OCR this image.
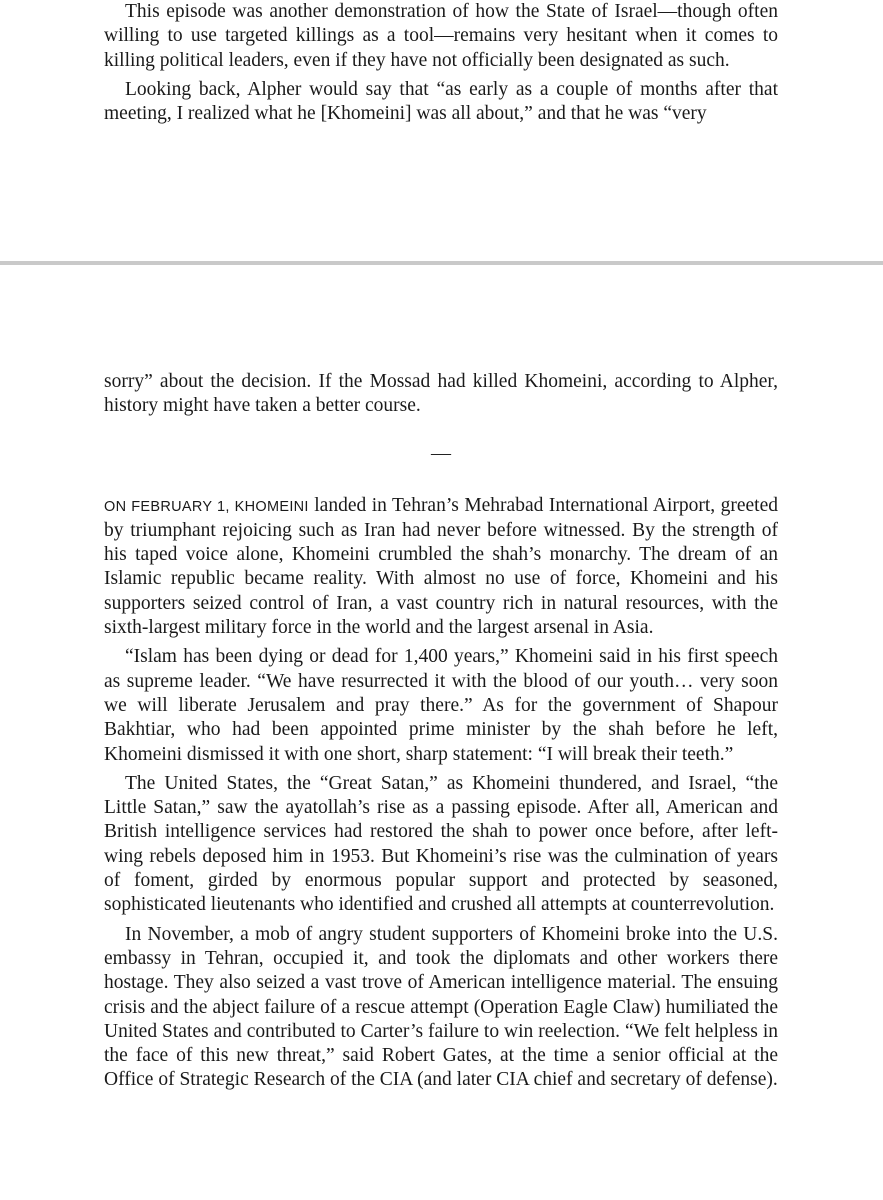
This episode was another demonstration of how the State of Israel—though often willing to use targeted killings as a tool—remains very hesitant when it comes to killing political leaders, even if they have not officially been designated as such.

Looking back, Alpher would say that “as early as a couple of months after that meeting, I realized what he [Khomeini] was all about,” and that he was “very

sorry” about the decision. If the Mossad had killed Khomeini, according to Alpher, history might have taken a better course.

—

ON FEBRUARY 1, KHOMEINI landed in Tehran’s Mehrabad International Airport, greeted by triumphant rejoicing such as Iran had never before witnessed. By the strength of his taped voice alone, Khomeini crumbled the shah’s monarchy. The dream of an Islamic republic became reality. With almost no use of force, Khomeini and his supporters seized control of Iran, a vast country rich in natural resources, with the sixth-largest military force in the world and the largest arsenal in Asia.

“Islam has been dying or dead for 1,400 years,” Khomeini said in his first speech as supreme leader. “We have resurrected it with the blood of our youth… very soon we will liberate Jerusalem and pray there.” As for the government of Shapour Bakhtiar, who had been appointed prime minister by the shah before he left, Khomeini dismissed it with one short, sharp statement: “I will break their teeth.”

The United States, the “Great Satan,” as Khomeini thundered, and Israel, “the Little Satan,” saw the ayatollah’s rise as a passing episode. After all, American and British intelligence services had restored the shah to power once before, after left-wing rebels deposed him in 1953. But Khomeini’s rise was the culmination of years of foment, girded by enormous popular support and protected by seasoned, sophisticated lieutenants who identified and crushed all attempts at counterrevolution.

In November, a mob of angry student supporters of Khomeini broke into the U.S. embassy in Tehran, occupied it, and took the diplomats and other workers there hostage. They also seized a vast trove of American intelligence material. The ensuing crisis and the abject failure of a rescue attempt (Operation Eagle Claw) humiliated the United States and contributed to Carter’s failure to win reelection. “We felt helpless in the face of this new threat,” said Robert Gates, at the time a senior official at the Office of Strategic Research of the CIA (and later CIA chief and secretary of defense).
